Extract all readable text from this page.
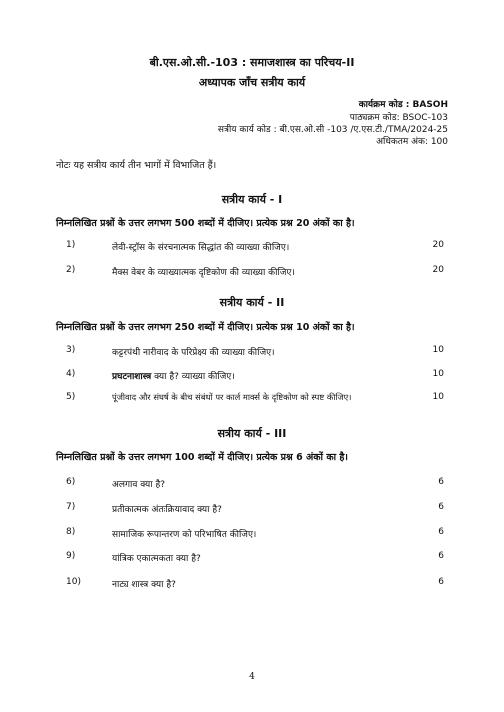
बी.एस.ओ.सी.-103 : समाजशास्त्र का परिचय-II
अध्यापक जाँच सत्रीय कार्य
कार्यक्रम कोड : BASOH
पाठ्यक्रम कोड: BSOC-103
सत्रीय कार्य कोड : बी.एस.ओ.सी -103 /ए.एस.टी./TMA/2024-25
अधिकतम अंक: 100
नोटः यह सत्रीय कार्य तीन भागों में विभाजित हैं।
सत्रीय कार्य - I
निम्नलिखित प्रश्नों के उत्तर लगभग 500 शब्दों में दीजिए। प्रत्येक प्रश्न 20 अंकों का है।
1)	लेवी-स्ट्रॉस के संरचनात्मक सिद्धांत की व्याख्या कीजिए।	20
2)	मैक्स वेबर के व्याख्यात्मक दृष्टिकोण की व्याख्या कीजिए।	20
सत्रीय कार्य - II
निम्नलिखित प्रश्नों के उत्तर लगभग 250 शब्दों में दीजिए। प्रत्येक प्रश्न 10 अंकों का है।
3)	कट्टरपंथी नारीवाद के परिप्रेक्ष्य की व्याख्या कीजिए।	10
4)	प्रघटनाशास्त्र क्या है? व्याख्या कीजिए।	10
5)	पूंजीवाद और संघर्ष के बीच संबंधों पर कार्ल मार्क्स के दृष्टिकोण को स्पष्ट कीजिए।	10
सत्रीय कार्य - III
निम्नलिखित प्रश्नों के उत्तर लगभग 100 शब्दों में दीजिए। प्रत्येक प्रश्न 6 अंकों का है।
6)	अलगाव क्या है?	6
7)	प्रतीकात्मक अंतःक्रियावाद क्या है?	6
8)	सामाजिक रूपान्तरण को परिभाषित कीजिए।	6
9)	यांत्रिक एकात्मकता क्या है?	6
10)	नाट्य शास्त्र क्या है?	6
4
